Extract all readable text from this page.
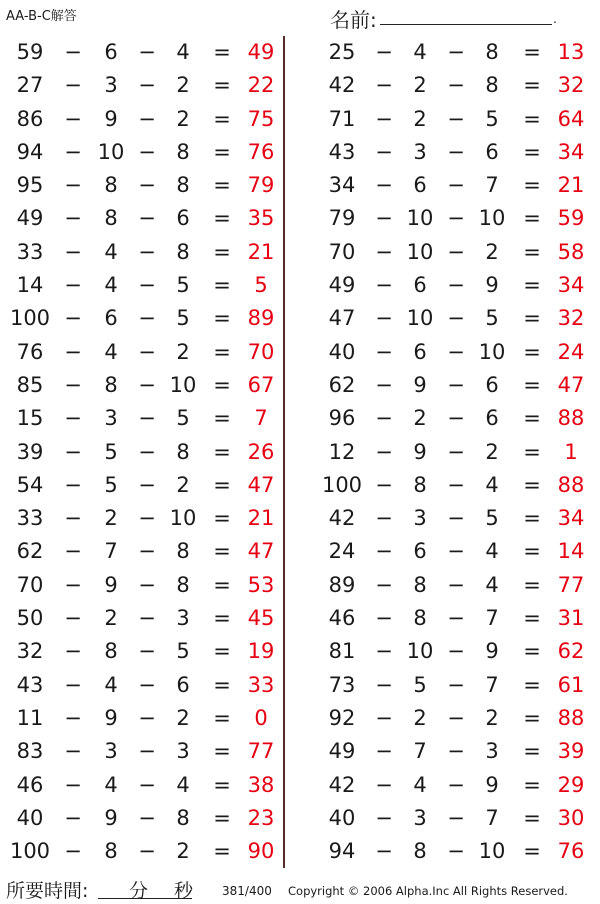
AA-B-C解答	名前:	.
59 −	6 − 4	= 49
27 −	3 − 2	= 22
86 −	9 − 2	= 75
94 − 10 − 8	= 76
95 −	8 − 8	= 79
49 −	8 − 6	= 35
33 −	4 − 8	= 21
14 −	4 − 5	=	5
100 −	6 − 5	= 89
76 −	4 − 2	= 70
85 −	8 − 10 = 67
15 −	3 − 5	=	7
39 −	5 − 8	= 26
54 −	5 − 2	= 47
33 −	2 − 10 = 21
62 −	7 − 8	= 47
70 −	9 − 8	= 53
50 −	2 − 3	= 45
32 −	8 − 5	= 19
43 −	4 − 6	= 33
11 −	9 − 2	=	0
83 −	3 − 3	= 77
46 −	4 − 4	= 38
40 −	9 − 8	= 23
100 −	8 − 2	= 90
25 − 4 − 8	= 13
42 − 2 − 8	= 32
71 − 2 − 5	= 64
43 − 3 − 6	= 34
34 − 6 − 7	= 21
79 − 10 − 10 = 59
70 − 10 − 2	= 58
49 − 6 − 9	= 34
47 − 10 − 5	= 32
40 − 6 − 10 = 24
62 − 9 − 6	= 47
96 − 2 − 6	= 88
12 − 9 − 2	=	1
100 − 8 − 4	= 88
42 − 3 − 5	= 34
24 − 6 − 4	= 14
89 − 8 − 4	= 77
46 − 8 − 7	= 31
81 − 10 − 9	= 62
73 − 5 − 7	= 61
92 − 2 − 2	= 88
49 − 7 − 3	= 39
42 − 4 − 9	= 29
40 − 3 − 7	= 30
94 − 8 − 10 = 76
所要時間: 分 秒 381/400 Copyright © 2006 Alpha.Inc All Rights Reserved.
